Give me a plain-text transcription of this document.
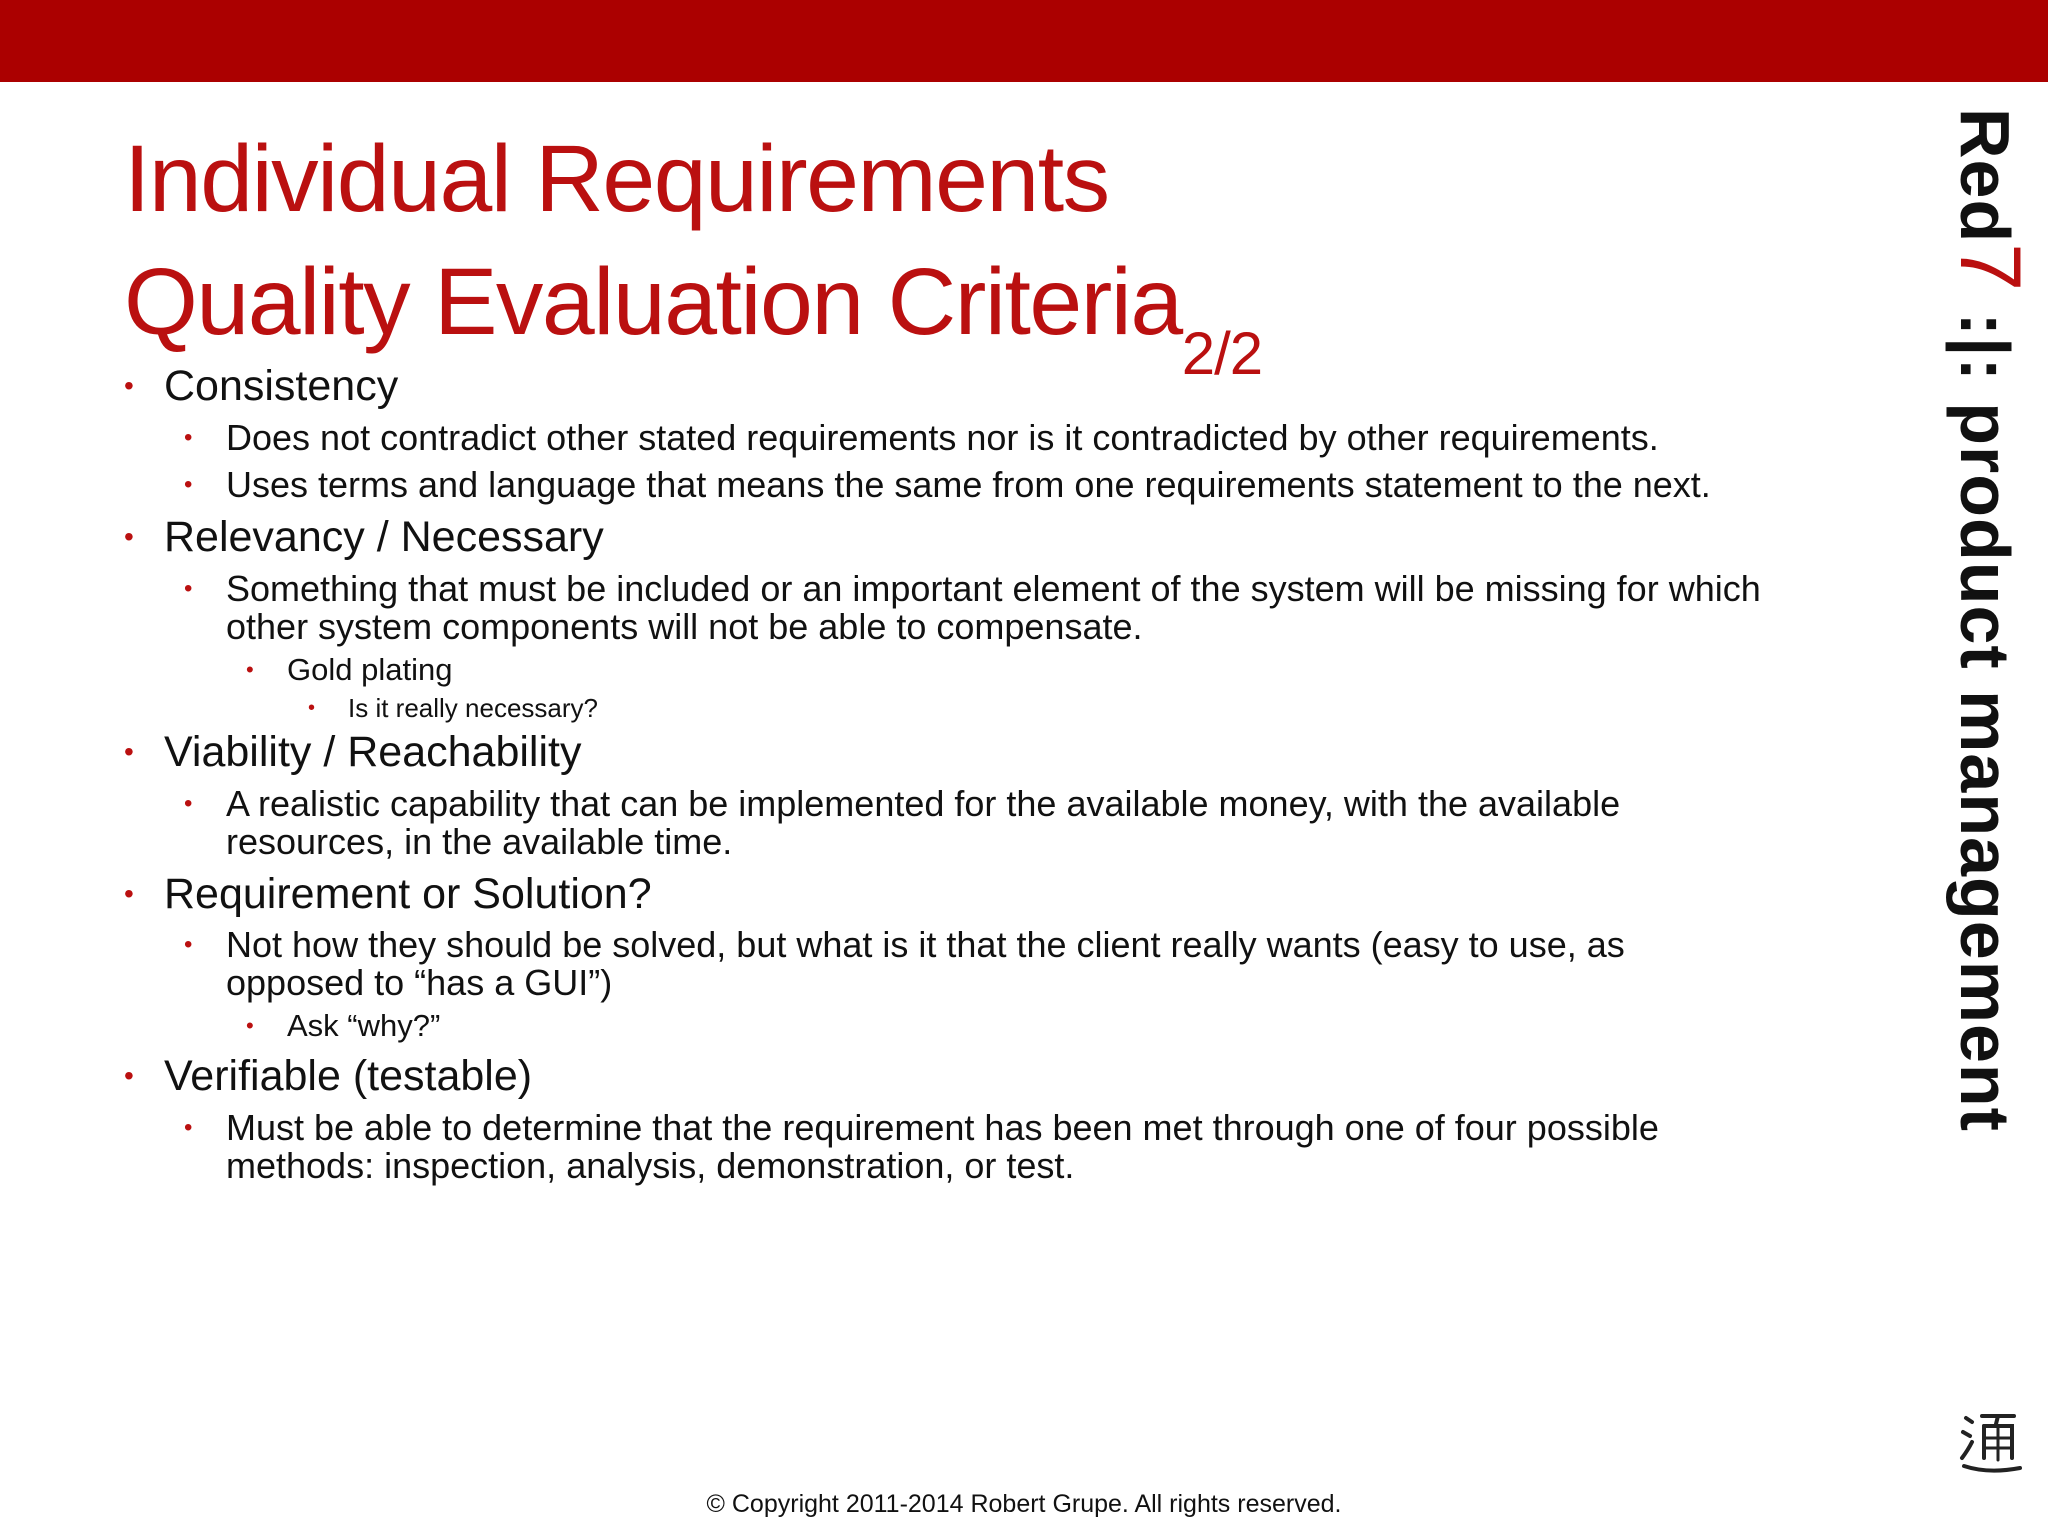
Individual Requirements
Quality Evaluation Criteria$_{2/2}$
• Consistency
• Does not contradict other stated requirements nor is it contradicted by other requirements.
• Uses terms and language that means the same from one requirements statement to the next.
• Relevancy / Necessary
• Something that must be included or an important element of the system will be missing for which
other system components will not be able to compensate.
• Gold plating
• Is it really necessary?
• Viability / Reachability
• A realistic capability that can be implemented for the available money, with the available
resources, in the available time.
• Requirement or Solution?
• Not how they should be solved, but what is it that the client really wants (easy to use, as
opposed to “has a GUI”)
• Ask “why?”
• Verifiable (testable)
• Must be able to determine that the requirement has been met through one of four possible
methods: inspection, analysis, demonstration, or test.
Red7 :|: product management
© Copyright 2011-2014 Robert Grupe. All rights reserved.
